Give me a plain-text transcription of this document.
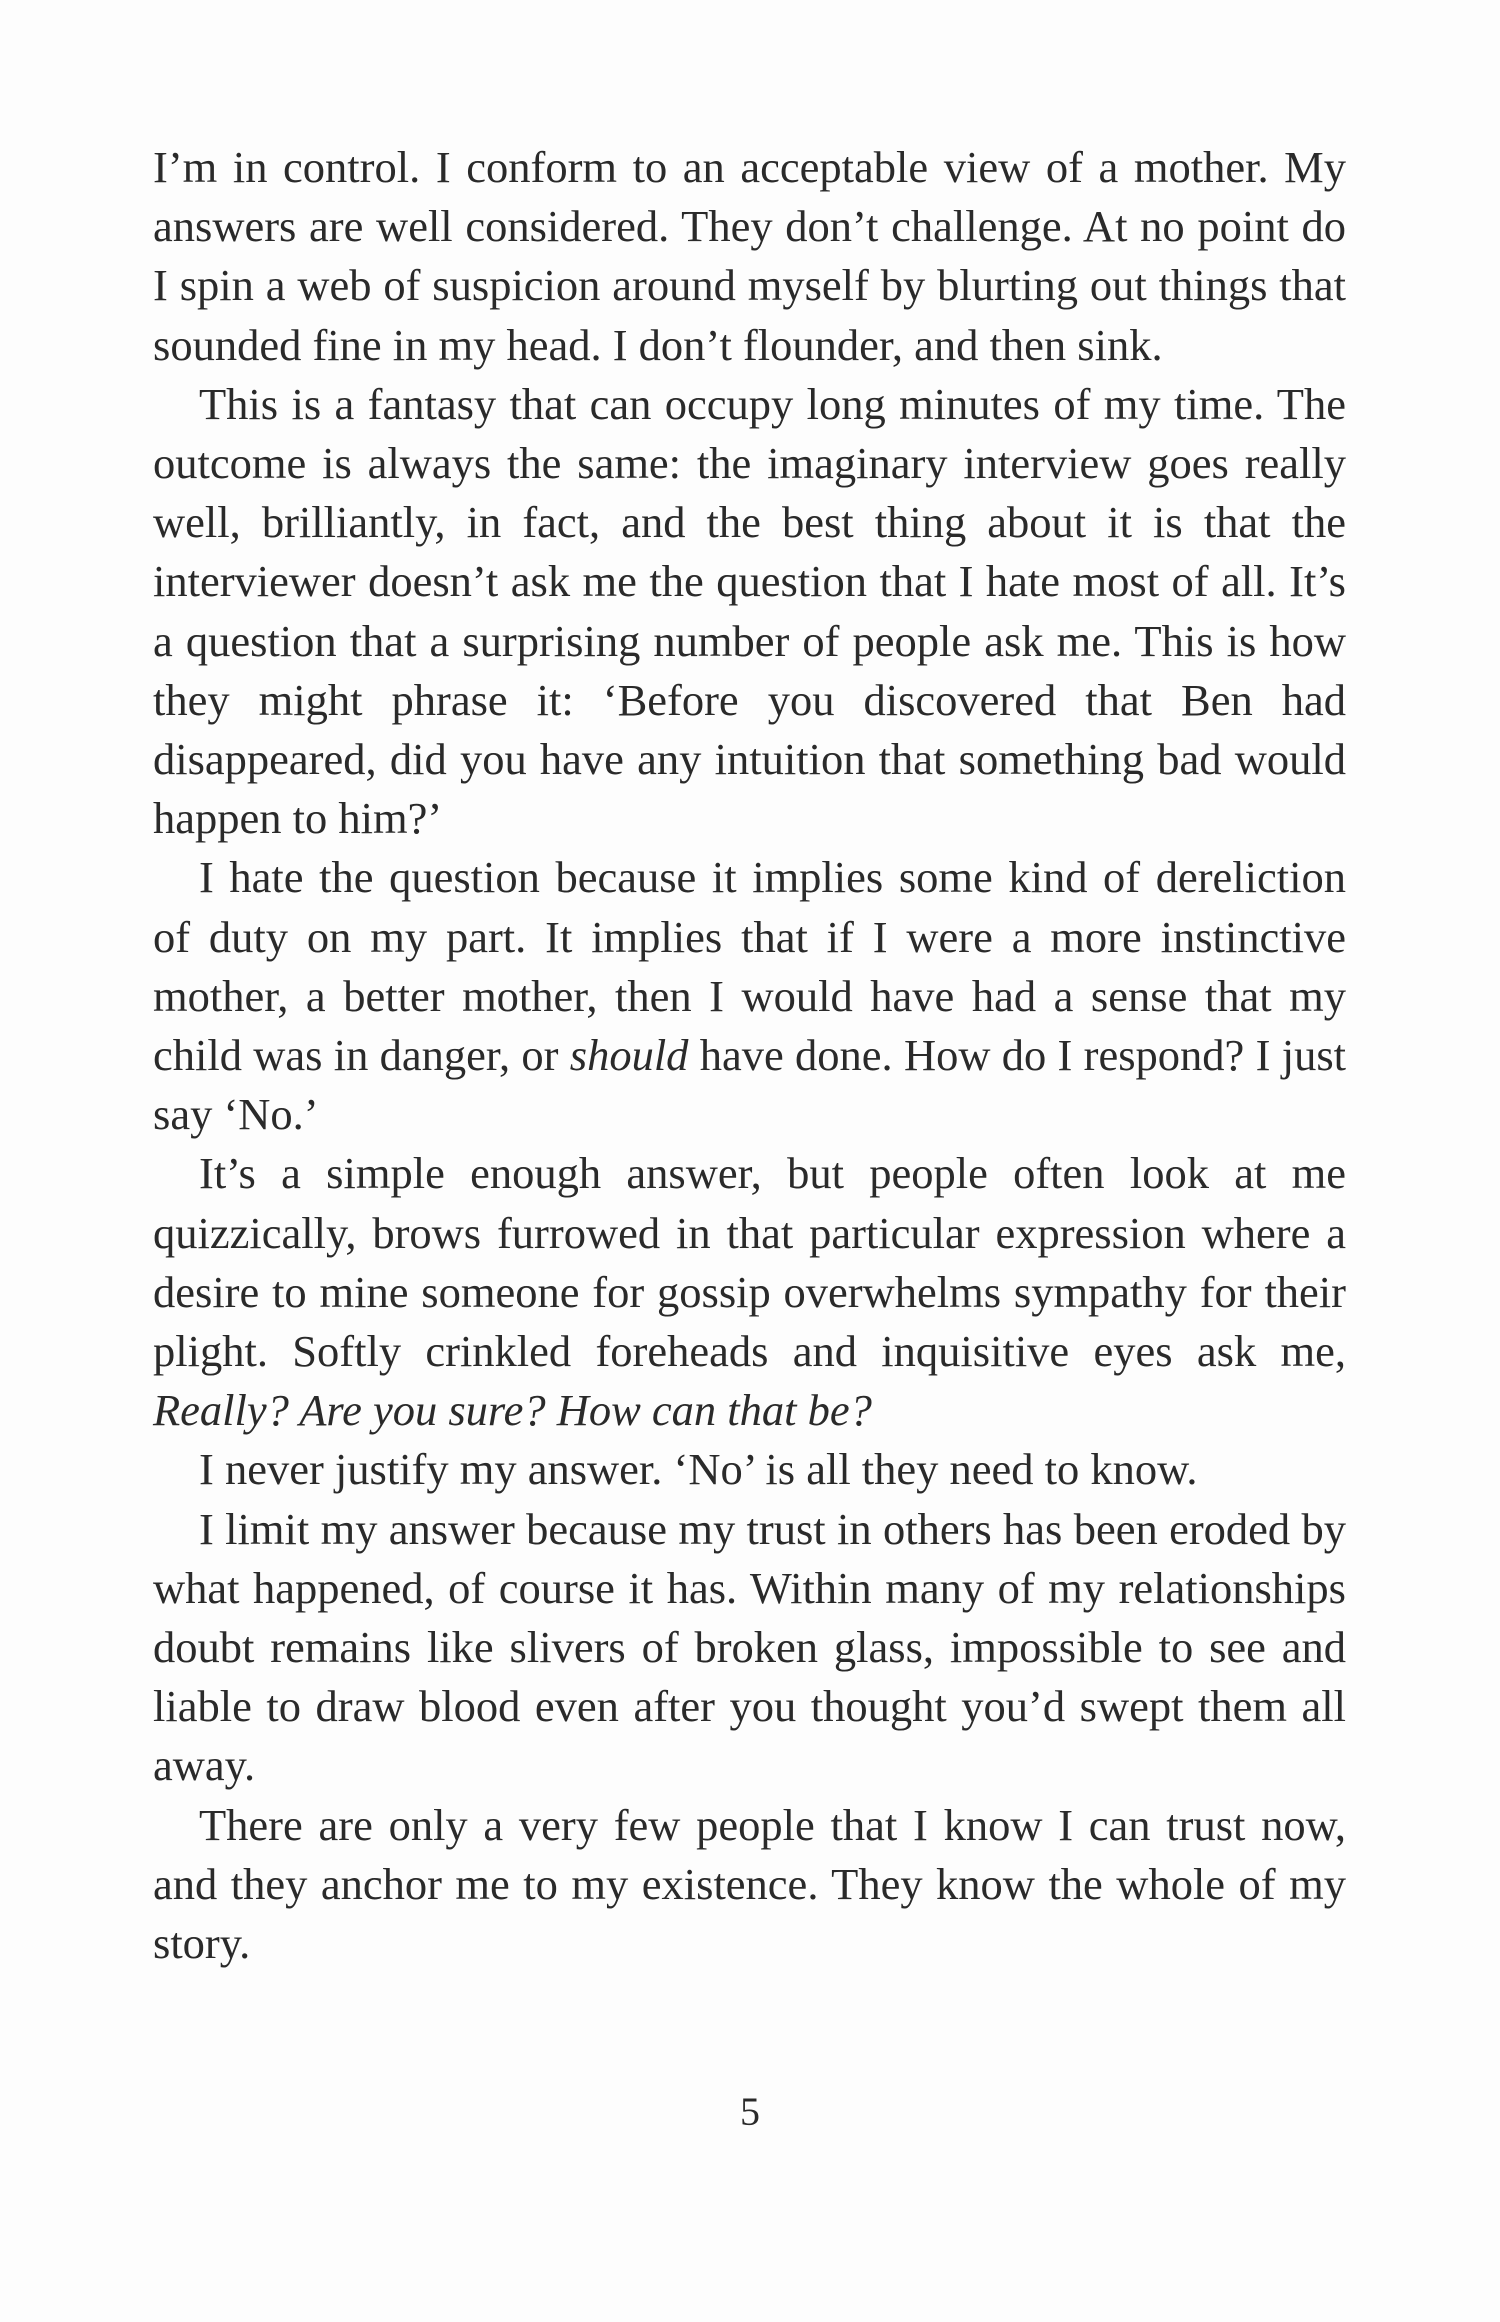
I’m in control. I conform to an acceptable view of a mother. My answers are well considered. They don’t challenge. At no point do I spin a web of suspicion around myself by blurting out things that sounded fine in my head. I don’t flounder, and then sink.

This is a fantasy that can occupy long minutes of my time. The outcome is always the same: the imaginary interview goes really well, brilliantly, in fact, and the best thing about it is that the interviewer doesn’t ask me the question that I hate most of all. It’s a question that a surprising number of people ask me. This is how they might phrase it: ‘Before you discovered that Ben had disappeared, did you have any intuition that something bad would happen to him?’

I hate the question because it implies some kind of dereliction of duty on my part. It implies that if I were a more instinctive mother, a better mother, then I would have had a sense that my child was in danger, or should have done. How do I respond? I just say ‘No.’

It’s a simple enough answer, but people often look at me quizzically, brows furrowed in that particular expression where a desire to mine someone for gossip overwhelms sympathy for their plight. Softly crinkled foreheads and inquisitive eyes ask me, Really? Are you sure? How can that be?

I never justify my answer. ‘No’ is all they need to know.

I limit my answer because my trust in others has been eroded by what happened, of course it has. Within many of my relationships doubt remains like slivers of broken glass, impossible to see and liable to draw blood even after you thought you’d swept them all away.

There are only a very few people that I know I can trust now, and they anchor me to my existence. They know the whole of my story.

5
